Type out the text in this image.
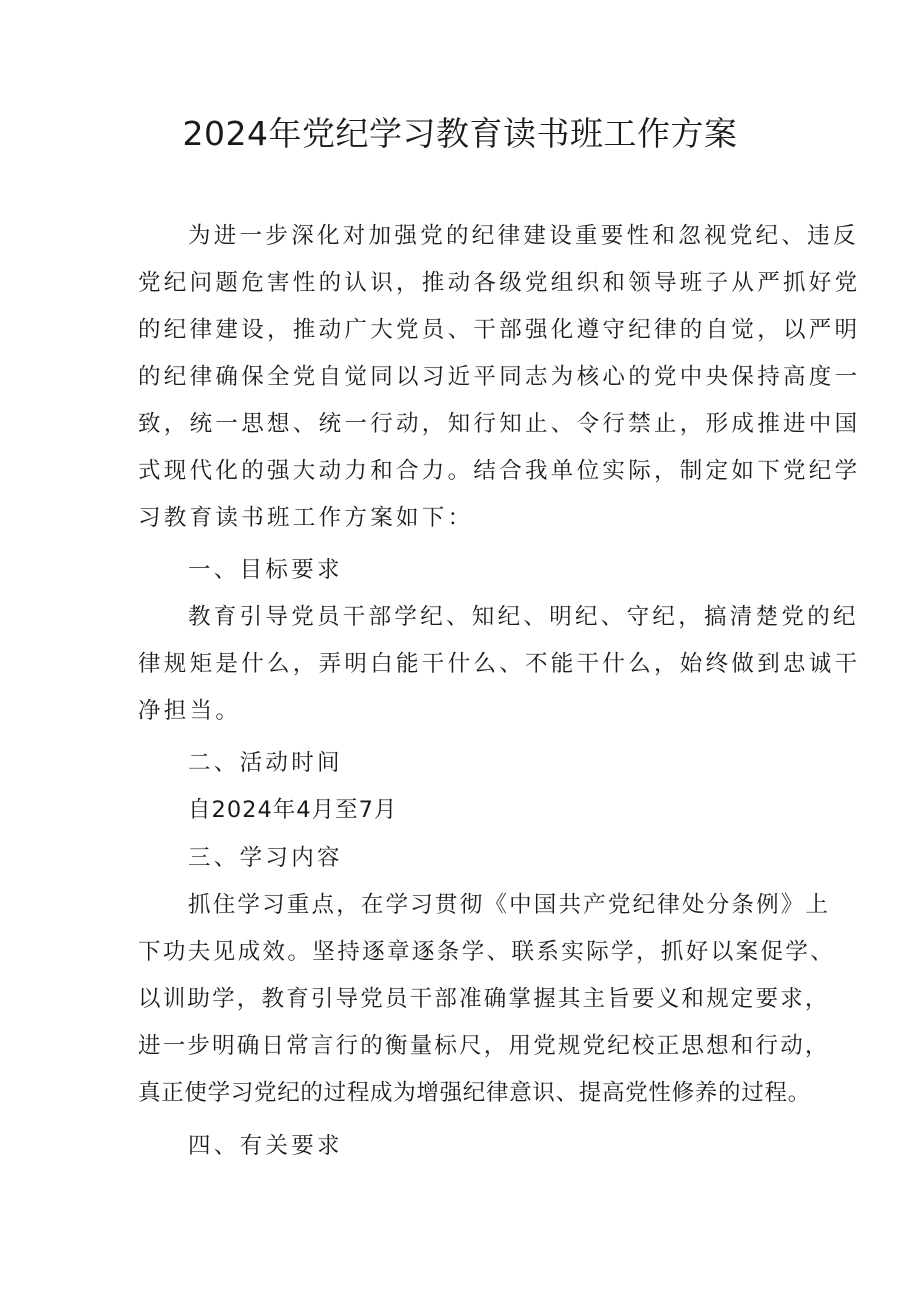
2024年党纪学习教育读书班工作方案
为进一步深化对加强党的纪律建设重要性和忽视党纪、违反
党纪问题危害性的认识，推动各级党组织和领导班子从严抓好党
的纪律建设，推动广大党员、干部强化遵守纪律的自觉，以严明
的纪律确保全党自觉同以习近平同志为核心的党中央保持高度一
致，统一思想、统一行动，知行知止、令行禁止，形成推进中国
式现代化的强大动力和合力。结合我单位实际，制定如下党纪学
习教育读书班工作方案如下：
一、目标要求
教育引导党员干部学纪、知纪、明纪、守纪，搞清楚党的纪
律规矩是什么，弄明白能干什么、不能干什么，始终做到忠诚干
净担当。
二、活动时间
自2024年4月至7月
三、学习内容
抓住学习重点，在学习贯彻《中国共产党纪律处分条例》上
下功夫见成效。坚持逐章逐条学、联系实际学，抓好以案促学、
以训助学，教育引导党员干部准确掌握其主旨要义和规定要求，
进一步明确日常言行的衡量标尺，用党规党纪校正思想和行动，
真正使学习党纪的过程成为增强纪律意识、提高党性修养的过程。
四、有关要求
